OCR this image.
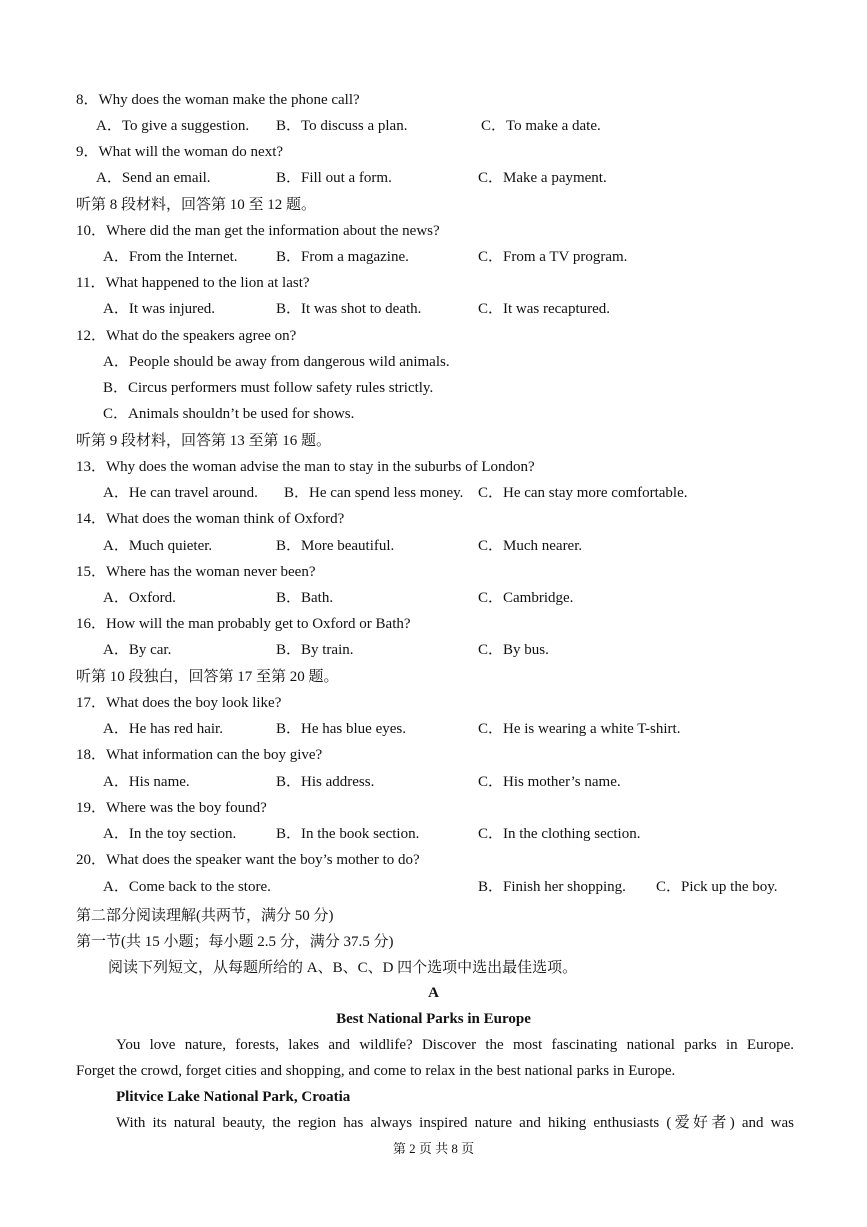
8．Why does the woman make the phone call?
A．To give a suggestion. B．To discuss a plan.	C．To make a date.
9．What will the woman do next?
A．Send an email.	B．Fill out a form.	C．Make a payment.
听第 8 段材料，回答第 10 至 12 题。
10．Where did the man get the information about the news?
A．From the Internet.	B．From a magazine.	C．From a TV program.
11．What happened to the lion at last?
A．It was injured.	B．It was shot to death.	C．It was recaptured.
12．What do the speakers agree on?
A．People should be away from dangerous wild animals.
B．Circus performers must follow safety rules strictly.
C．Animals shouldn’t be used for shows.
听第 9 段材料，回答第 13 至第 16 题。
13．Why does the woman advise the man to stay in the suburbs of London?
A．He can travel around. B．He can spend less money. C．He can stay more comfortable.
14．What does the woman think of Oxford?
A．Much quieter.	B．More beautiful.	C．Much nearer.
15．Where has the woman never been?
A．Oxford.	B．Bath.	C．Cambridge.
16．How will the man probably get to Oxford or Bath?
A．By car.	B．By train.	C．By bus.
听第 10 段独白，回答第 17 至第 20 题。
17．What does the boy look like?
A．He has red hair.	B．He has blue eyes.	C．He is wearing a white T-shirt.
18．What information can the boy give?
A．His name.	B．His address.	C．His mother’s name.
19．Where was the boy found?
A．In the toy section.	B．In the book section.	C．In the clothing section.
20．What does the speaker want the boy’s mother to do?
A．Come back to the store.	B．Finish her shopping. C．Pick up the boy.
第二部分阅读理解(共两节，满分 50 分)
第一节(共 15 小题；每小题 2.5 分，满分 37.5 分)
阅读下列短文，从每题所给的 A、B、C、D 四个选项中选出最佳选项。
A
Best National Parks in Europe
You love nature, forests, lakes and wildlife? Discover the most fascinating national parks in Europe.
Forget the crowd, forget cities and shopping, and come to relax in the best national parks in Europe.
Plitvice Lake National Park, Croatia
With its natural beauty, the region has always inspired nature and hiking enthusiasts (爱好者) and was
第 2 页 共 8 页
